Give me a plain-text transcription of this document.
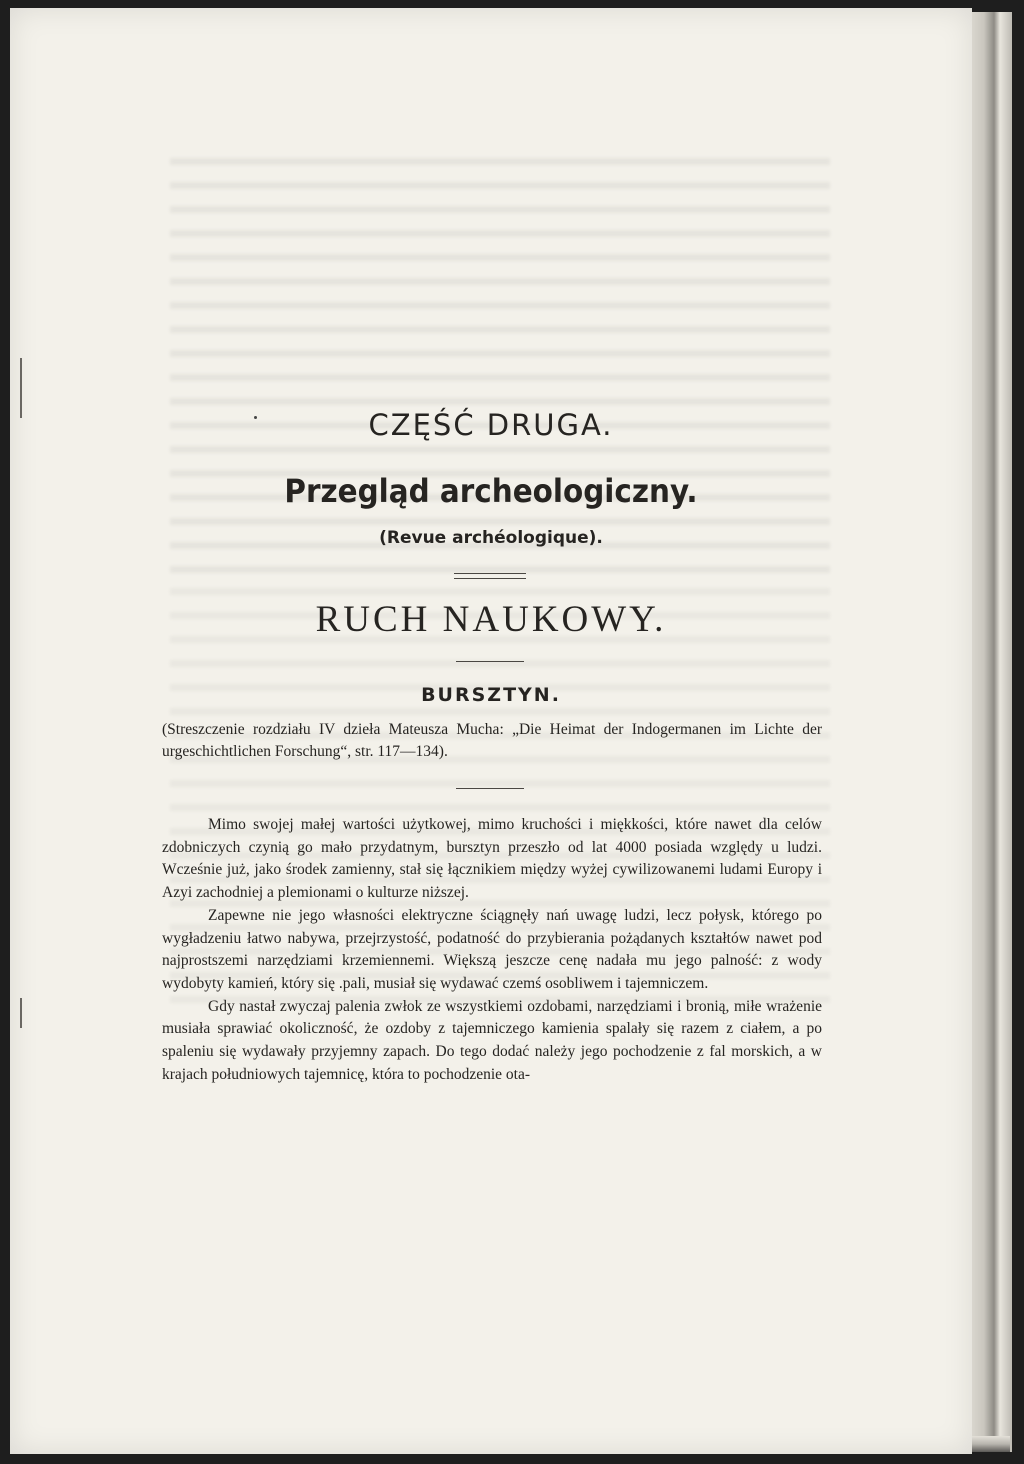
CZĘŚĆ DRUGA.
Przegląd archeologiczny.
(Revue archéologique).
RUCH NAUKOWY.
BURSZTYN.
(Streszczenie rozdziału IV dzieła Mateusza Mucha: „Die Heimat der Indogermanen im Lichte der urgeschichtlichen Forschung“, str. 117—134).

Mimo swojej małej wartości użytkowej, mimo kruchości i miękkości, które nawet dla celów zdobniczych czynią go mało przydatnym, bursztyn przeszło od lat 4000 posiada względy u ludzi. Wcześnie już, jako środek zamienny, stał się łącznikiem między wyżej cywilizowanemi ludami Europy i Azyi zachodniej a plemionami o kulturze niższej.

Zapewne nie jego własności elektryczne ściągnęły nań uwagę ludzi, lecz połysk, którego po wygładzeniu łatwo nabywa, przejrzystość, podatność do przybierania pożądanych kształtów nawet pod najprostszemi narzędziami krzemiennemi. Większą jeszcze cenę nadała mu jego palność: z wody wydobyty kamień, który się .pali, musiał się wydawać czemś osobliwem i tajemniczem.

Gdy nastał zwyczaj palenia zwłok ze wszystkiemi ozdobami, narzędziami i bronią, miłe wrażenie musiała sprawiać okoliczność, że ozdoby z tajemniczego kamienia spalały się razem z ciałem, a po spaleniu się wydawały przyjemny zapach. Do tego dodać należy jego pochodzenie z fal morskich, a w krajach południowych tajemnicę, która to pochodzenie ota-
